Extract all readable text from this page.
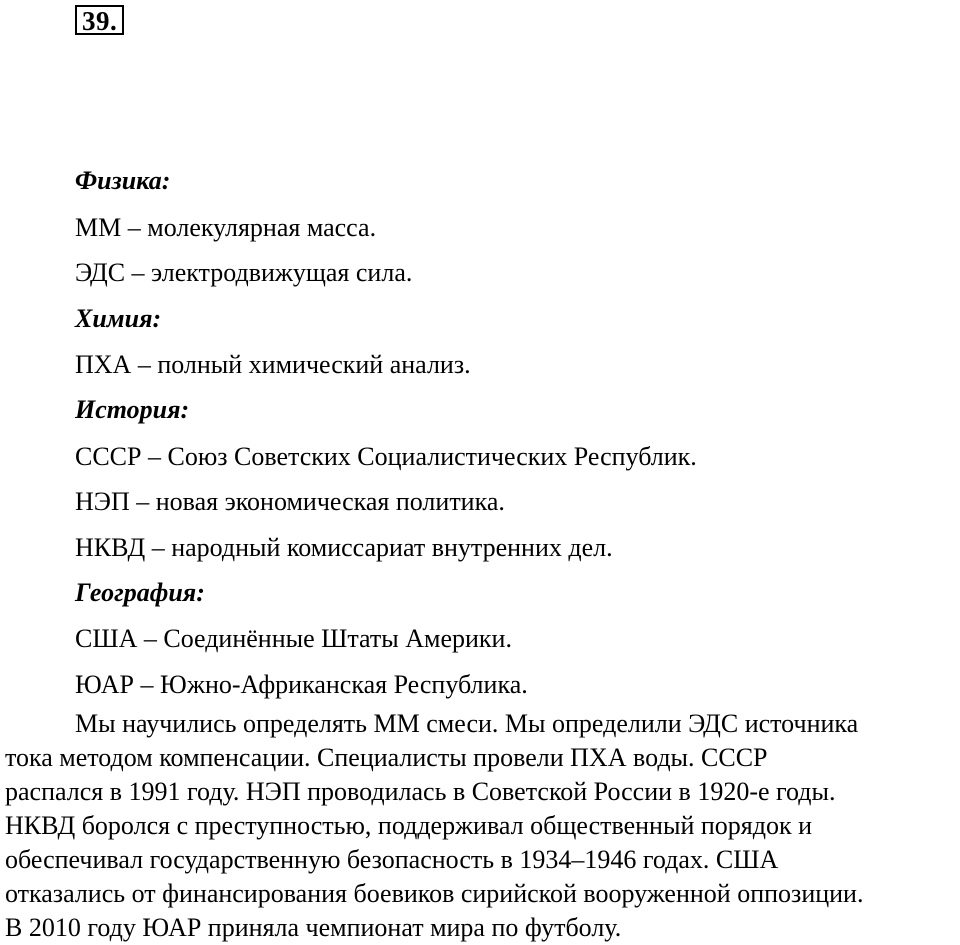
39.
Физика:
ММ – молекулярная масса.
ЭДС – электродвижущая сила.
Химия:
ПХА – полный химический анализ.
История:
СССР – Союз Советских Социалистических Республик.
НЭП – новая экономическая политика.
НКВД – народный комиссариат внутренних дел.
География:
США – Соединённые Штаты Америки.
ЮАР – Южно-Африканская Республика.
Мы научились определять ММ смеси. Мы определили ЭДС источника
тока методом компенсации. Специалисты провели ПХА воды. СССР
распался в 1991 году. НЭП проводилась в Советской России в 1920-е годы.
НКВД боролся с преступностью, поддерживал общественный порядок и
обеспечивал государственную безопасность в 1934–1946 годах. США
отказались от финансирования боевиков сирийской вооруженной оппозиции.
В 2010 году ЮАР приняла чемпионат мира по футболу.
